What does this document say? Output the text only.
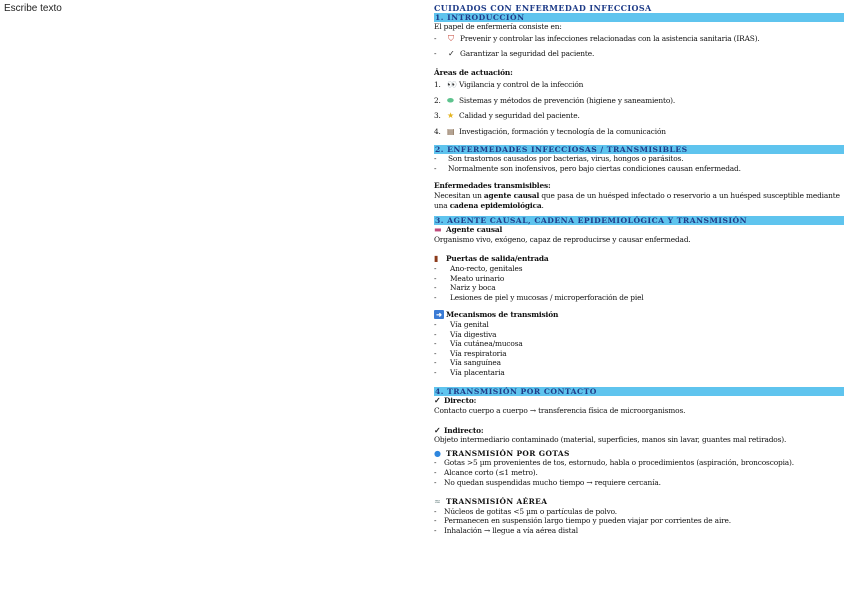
Escribe texto	CUIDADOS CON ENFERMEDAD INFECCIOSA
1. INTRODUCCIÓN
El papel de enfermería consiste en:
-	⛉ Prevenir y controlar las infecciones relacionadas con la asistencia sanitaria (IRAS).
-	✓ Garantizar la seguridad del paciente.
Áreas de actuación:
1. 👀 Vigilancia y control de la infección
2. ⬬ Sistemas y métodos de prevención (higiene y saneamiento).
3. ★ Calidad y seguridad del paciente.
4. ▤ Investigación, formación y tecnología de la comunicación
2. ENFERMEDADES INFECCIOSAS / TRANSMISIBLES
-	Son trastornos causados por bacterias, virus, hongos o parásitos.
-	Normalmente son inofensivos, pero bajo ciertas condiciones causan enfermedad.
Enfermedades transmisibles:
Necesitan un agente causal que pasa de un huésped infectado o reservorio a un huésped susceptible mediante una cadena epidemiológica.
3. AGENTE CAUSAL, CADENA EPIDEMIOLÓGICA Y TRANSMISIÓN
▬ Agente causal
Organismo vivo, exógeno, capaz de reproducirse y causar enfermedad.
▮	Puertas de salida/entrada
-	Ano-recto, genitales
-	Meato urinario
-	Nariz y boca
-	Lesiones de piel y mucosas / microperforación de piel
➜ Mecanismos de transmisión
-	Vía genital
-	Vía digestiva
-	Vía cutánea/mucosa
-	Vía respiratoria
-	Vía sanguínea
-	Vía placentaria
4. TRANSMISIÓN POR CONTACTO
✓ Directo:
Contacto cuerpo a cuerpo → transferencia física de microorganismos.
✓ Indirecto:
Objeto intermediario contaminado (material, superficies, manos sin lavar, guantes mal retirados).
● TRANSMISIÓN POR GOTAS
-	Gotas >5 µm provenientes de tos, estornudo, habla o procedimientos (aspiración, broncoscopia).
-	Alcance corto (≤1 metro).
-	No quedan suspendidas mucho tiempo → requiere cercanía.
≈ TRANSMISIÓN AÉREA
-	Núcleos de gotitas <5 µm o partículas de polvo.
-	Permanecen en suspensión largo tiempo y pueden viajar por corrientes de aire.
-	Inhalación → llegue a vía aérea distal
